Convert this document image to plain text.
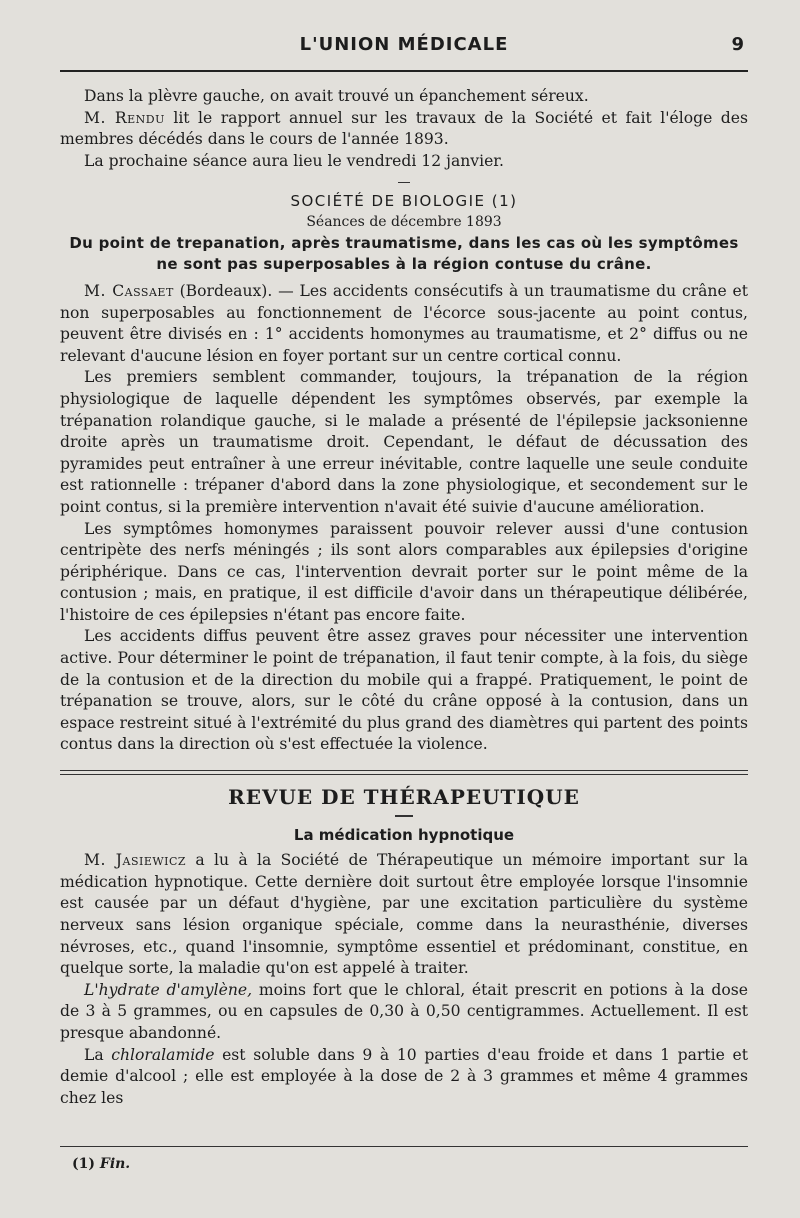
L'UNION MÉDICALE	9

Dans la plèvre gauche, on avait trouvé un épanchement séreux.

M. Rendu lit le rapport annuel sur les travaux de la Société et fait l'éloge des membres décédés dans le cours de l'année 1893.

La prochaine séance aura lieu le vendredi 12 janvier.

SOCIÉTÉ DE BIOLOGIE (1)
Séances de décembre 1893
Du point de trepanation, après traumatisme, dans les cas où les symptômes ne sont pas superposables à la région contuse du crâne.

M. Cassaet (Bordeaux). — Les accidents consécutifs à un traumatisme du crâne et non superposables au fonctionnement de l'écorce sous-jacente au point contus, peuvent être divisés en : 1° accidents homonymes au traumatisme, et 2° diffus ou ne relevant d'aucune lésion en foyer portant sur un centre cortical connu.

Les premiers semblent commander, toujours, la trépanation de la région physiologique de laquelle dépendent les symptômes observés, par exemple la trépanation rolandique gauche, si le malade a présenté de l'épilepsie jacksonienne droite après un traumatisme droit. Cependant, le défaut de décussation des pyramides peut entraîner à une erreur inévitable, contre laquelle une seule conduite est rationnelle : trépaner d'abord dans la zone physiologique, et secondement sur le point contus, si la première intervention n'avait été suivie d'aucune amélioration.

Les symptômes homonymes paraissent pouvoir relever aussi d'une contusion centripète des nerfs méningés ; ils sont alors comparables aux épilepsies d'origine périphérique. Dans ce cas, l'intervention devrait porter sur le point même de la contusion ; mais, en pratique, il est difficile d'avoir dans un thérapeutique délibérée, l'histoire de ces épilepsies n'étant pas encore faite.

Les accidents diffus peuvent être assez graves pour nécessiter une intervention active. Pour déterminer le point de trépanation, il faut tenir compte, à la fois, du siège de la contusion et de la direction du mobile qui a frappé. Pratiquement, le point de trépanation se trouve, alors, sur le côté du crâne opposé à la contusion, dans un espace restreint situé à l'extrémité du plus grand des diamètres qui partent des points contus dans la direction où s'est effectuée la violence.

REVUE DE THÉRAPEUTIQUE
La médication hypnotique

M. Jasiewicz a lu à la Société de Thérapeutique un mémoire important sur la médication hypnotique. Cette dernière doit surtout être employée lorsque l'insomnie est causée par un défaut d'hygiène, par une excitation particulière du système nerveux sans lésion organique spéciale, comme dans la neurasthénie, diverses névroses, etc., quand l'insomnie, symptôme essentiel et prédominant, constitue, en quelque sorte, la maladie qu'on est appelé à traiter.

L'hydrate d'amylène, moins fort que le chloral, était prescrit en potions à la dose de 3 à 5 grammes, ou en capsules de 0,30 à 0,50 centigrammes. Actuellement. Il est presque abandonné.

La chloralamide est soluble dans 9 à 10 parties d'eau froide et dans 1 partie et demie d'alcool ; elle est employée à la dose de 2 à 3 grammes et même 4 grammes chez les

(1) Fin.
